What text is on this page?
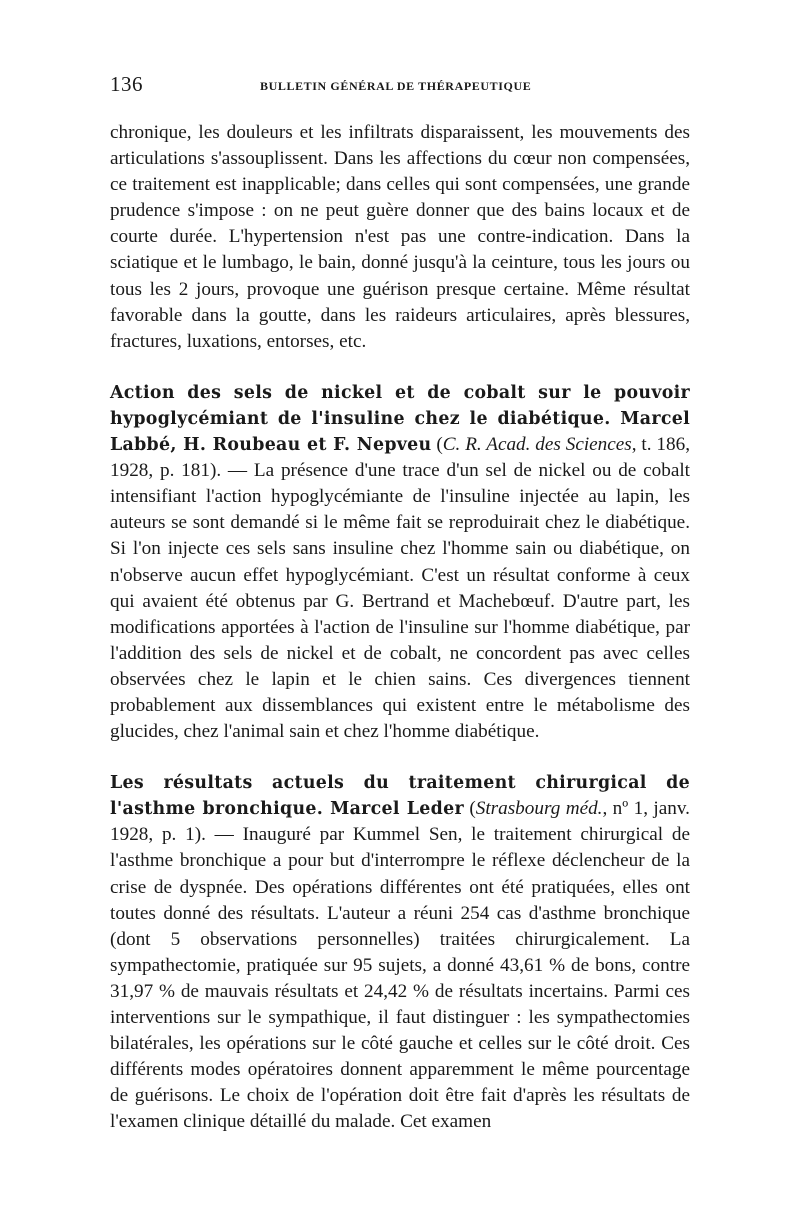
136	BULLETIN GÉNÉRAL DE THÉRAPEUTIQUE

chronique, les douleurs et les infiltrats disparaissent, les mouvements des articulations s'assouplissent. Dans les affections du cœur non compensées, ce traitement est inapplicable; dans celles qui sont compensées, une grande prudence s'impose : on ne peut guère donner que des bains locaux et de courte durée. L'hypertension n'est pas une contre-indication. Dans la sciatique et le lumbago, le bain, donné jusqu'à la ceinture, tous les jours ou tous les 2 jours, provoque une guérison presque certaine. Même résultat favorable dans la goutte, dans les raideurs articulaires, après blessures, fractures, luxations, entorses, etc.

Action des sels de nickel et de cobalt sur le pouvoir hypoglycémiant de l'insuline chez le diabétique. Marcel Labbé, H. Roubeau et F. Nepveu (C. R. Acad. des Sciences, t. 186, 1928, p. 181). — La présence d'une trace d'un sel de nickel ou de cobalt intensifiant l'action hypoglycémiante de l'insuline injectée au lapin, les auteurs se sont demandé si le même fait se reproduirait chez le diabétique. Si l'on injecte ces sels sans insuline chez l'homme sain ou diabétique, on n'observe aucun effet hypoglycémiant. C'est un résultat conforme à ceux qui avaient été obtenus par G. Bertrand et Machebœuf. D'autre part, les modifications apportées à l'action de l'insuline sur l'homme diabétique, par l'addition des sels de nickel et de cobalt, ne concordent pas avec celles observées chez le lapin et le chien sains. Ces divergences tiennent probablement aux dissemblances qui existent entre le métabolisme des glucides, chez l'animal sain et chez l'homme diabétique.

Les résultats actuels du traitement chirurgical de l'asthme bronchique. Marcel Leder (Strasbourg méd., nº 1, janv. 1928, p. 1). — Inauguré par Kummel Sen, le traitement chirurgical de l'asthme bronchique a pour but d'interrompre le réflexe déclencheur de la crise de dyspnée. Des opérations différentes ont été pratiquées, elles ont toutes donné des résultats. L'auteur a réuni 254 cas d'asthme bronchique (dont 5 observations personnelles) traitées chirurgicalement. La sympathectomie, pratiquée sur 95 sujets, a donné 43,61 % de bons, contre 31,97 % de mauvais résultats et 24,42 % de résultats incertains. Parmi ces interventions sur le sympathique, il faut distinguer : les sympathectomies bilatérales, les opérations sur le côté gauche et celles sur le côté droit. Ces différents modes opératoires donnent apparemment le même pourcentage de guérisons. Le choix de l'opération doit être fait d'après les résultats de l'examen clinique détaillé du malade. Cet examen
